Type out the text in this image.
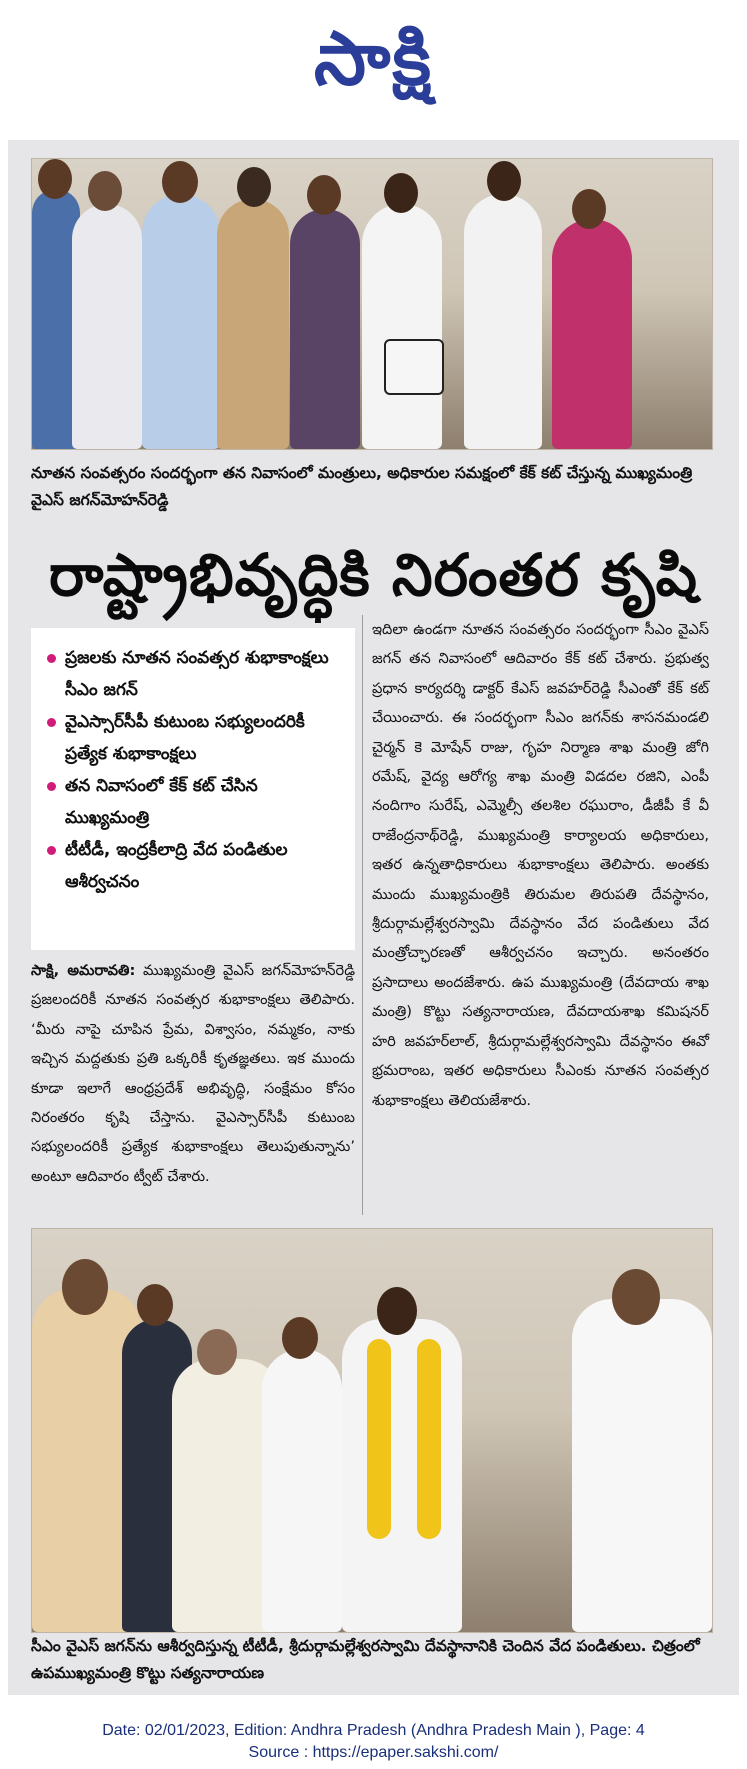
సాక్షి
నూతన సంవత్సరం సందర్భంగా తన నివాసంలో మంత్రులు, అధికారుల సమక్షంలో కేక్ కట్ చేస్తున్న ముఖ్యమంత్రి వైఎస్ జగన్‌మోహన్‌రెడ్డి
రాష్ట్రాభివృద్ధికి నిరంతర కృషి
ప్రజలకు నూతన సంవత్సర శుభాకాంక్షలు సీఎం జగన్
వైఎస్సార్‌సీపీ కుటుంబ సభ్యులందరికీ ప్రత్యేక శుభాకాంక్షలు
తన నివాసంలో కేక్ కట్ చేసిన ముఖ్యమంత్రి
టీటీడీ, ఇంద్రకీలాద్రి వేద పండితుల ఆశీర్వచనం
సాక్షి, అమరావతి: ముఖ్యమంత్రి వైఎస్ జగన్‌మోహన్‌రెడ్డి ప్రజలందరికీ నూతన సంవత్సర శుభాకాంక్షలు తెలిపారు. ‘మీరు నాపై చూపిన ప్రేమ, విశ్వాసం, నమ్మకం, నాకు ఇచ్చిన మద్దతుకు ప్రతి ఒక్కరికీ కృతజ్ఞతలు. ఇక ముందు కూడా ఇలాగే ఆంధ్రప్రదేశ్ అభివృద్ధి, సంక్షేమం కోసం నిరంతరం కృషి చేస్తాను. వైఎస్సార్‌సీపీ కుటుంబ సభ్యులందరికీ ప్రత్యేక శుభాకాంక్షలు తెలుపుతున్నాను’ అంటూ ఆదివారం ట్వీట్ చేశారు.
ఇదిలా ఉండగా నూతన సంవత్సరం సందర్భంగా సీఎం వైఎస్ జగన్ తన నివాసంలో ఆదివారం కేక్ కట్ చేశారు. ప్రభుత్వ ప్రధాన కార్యదర్శి డాక్టర్ కేఎస్ జవహర్‌రెడ్డి సీఎంతో కేక్ కట్ చేయించారు. ఈ సందర్భంగా సీఎం జగన్‌కు శాసనమండలి చైర్మన్ కె మోషేన్ రాజు, గృహ నిర్మాణ శాఖ మంత్రి జోగి రమేష్, వైద్య ఆరోగ్య శాఖ మంత్రి విడదల రజిని, ఎంపీ నందిగాం సురేష్, ఎమ్మెల్సీ తలశిల రఘురాం, డీజీపీ కే వీ రాజేంద్రనాథ్‌రెడ్డి, ముఖ్యమంత్రి కార్యాలయ అధికారులు, ఇతర ఉన్నతాధికారులు శుభాకాంక్షలు తెలిపారు. అంతకు ముందు ముఖ్యమంత్రికి తిరుమల తిరుపతి దేవస్థానం, శ్రీదుర్గామల్లేశ్వరస్వామి దేవస్థానం వేద పండితులు వేద మంత్రోచ్ఛారణతో ఆశీర్వచనం ఇచ్చారు. అనంతరం ప్రసాదాలు అందజేశారు. ఉప ముఖ్యమంత్రి (దేవదాయ శాఖ మంత్రి) కొట్టు సత్యనారాయణ, దేవదాయశాఖ కమిషనర్ హరి జవహర్‌లాల్, శ్రీదుర్గామల్లేశ్వరస్వామి దేవస్థానం ఈవో భ్రమరాంబ, ఇతర అధికారులు సీఎంకు నూతన సంవత్సర శుభాకాంక్షలు తెలియజేశారు.
సీఎం వైఎస్ జగన్‌ను ఆశీర్వదిస్తున్న టీటీడీ, శ్రీదుర్గామల్లేశ్వరస్వామి దేవస్థానానికి చెందిన వేద పండితులు. చిత్రంలో ఉపముఖ్యమంత్రి కొట్టు సత్యనారాయణ
Date: 02/01/2023, Edition: Andhra Pradesh (Andhra Pradesh Main ), Page: 4
Source : https://epaper.sakshi.com/
